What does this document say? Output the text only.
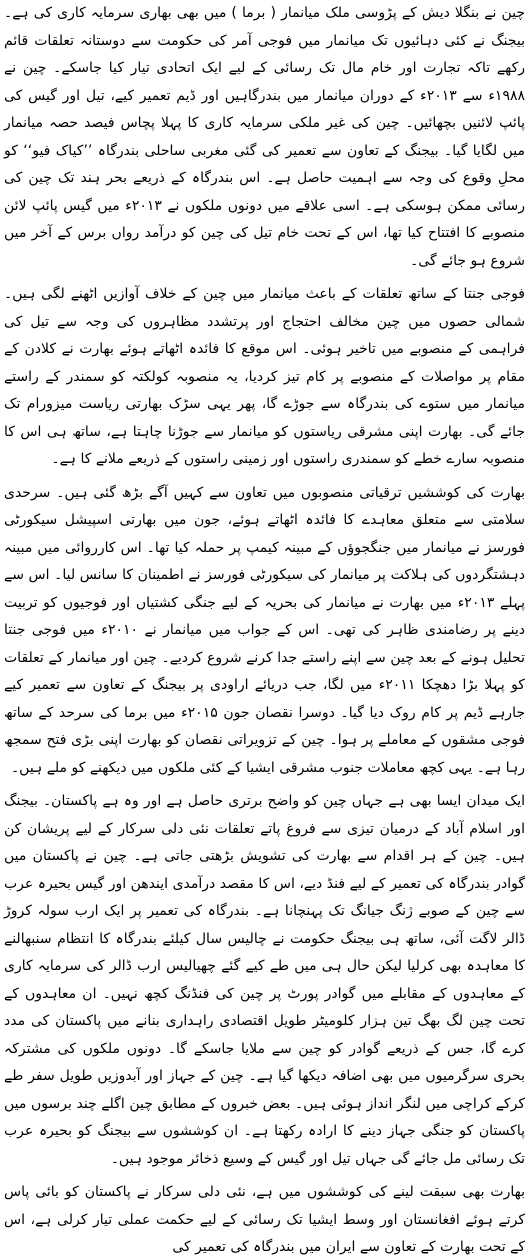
چین نے بنگلا دیش کے پڑوسی ملک میانمار ( برما ) میں بھی بھاری سرمایہ کاری کی ہے۔ بیجنگ نے کئی دہائیوں تک میانمار میں فوجی آمر کی حکومت سے دوستانہ تعلقات قائم رکھے تاکہ تجارت اور خام مال تک رسائی کے لیے ایک اتحادی تیار کیا جاسکے۔ چین نے ۱۹۸۸ء سے ۲۰۱۳ء کے دوران میانمار میں بندرگاہیں اور ڈیم تعمیر کیے، تیل اور گیس کی پائپ لائنیں بچھائیں۔ چین کی غیر ملکی سرمایہ کاری کا پہلا پچاس فیصد حصہ میانمار میں لگایا گیا۔ بیجنگ کے تعاون سے تعمیر کی گئی مغربی ساحلی بندرگاہ ’’کیاک فیو‘‘ کو محلِ وقوع کی وجہ سے اہمیت حاصل ہے۔ اس بندرگاہ کے ذریعے بحر ہند تک چین کی رسائی ممکن ہوسکی ہے۔ اسی علاقے میں دونوں ملکوں نے ۲۰۱۳ء میں گیس پائپ لائن منصوبے کا افتتاح کیا تھا، اس کے تحت خام تیل کی چین کو درآمد رواں برس کے آخر میں شروع ہو جائے گی۔

فوجی جنتا کے ساتھ تعلقات کے باعث میانمار میں چین کے خلاف آوازیں اٹھنے لگی ہیں۔ شمالی حصوں میں چین مخالف احتجاج اور پرتشدد مظاہروں کی وجہ سے تیل کی فراہمی کے منصوبے میں تاخیر ہوئی۔ اس موقع کا فائدہ اٹھاتے ہوئے بھارت نے کلادن کے مقام پر مواصلات کے منصوبے پر کام تیز کردیا، یہ منصوبہ کولکتہ کو سمندر کے راستے میانمار میں ستوے کی بندرگاہ سے جوڑے گا، پھر یہی سڑک بھارتی ریاست میزورام تک جائے گی۔ بھارت اپنی مشرقی ریاستوں کو میانمار سے جوڑنا چاہتا ہے، ساتھ ہی اس کا منصوبہ سارے خطے کو سمندری راستوں اور زمینی راستوں کے ذریعے ملانے کا ہے۔

بھارت کی کوششیں ترقیاتی منصوبوں میں تعاون سے کہیں آگے بڑھ گئی ہیں۔ سرحدی سلامتی سے متعلق معاہدے کا فائدہ اٹھاتے ہوئے، جون میں بھارتی اسپیشل سیکورٹی فورسز نے میانمار میں جنگجوؤں کے مبینہ کیمپ پر حملہ کیا تھا۔ اس کارروائی میں مبینہ دہشتگردوں کی ہلاکت پر میانمار کی سیکورٹی فورسز نے اطمینان کا سانس لیا۔ اس سے پہلے ۲۰۱۳ء میں بھارت نے میانمار کی بحریہ کے لیے جنگی کشتیاں اور فوجیوں کو تربیت دینے پر رضامندی ظاہر کی تھی۔ اس کے جواب میں میانمار نے ۲۰۱۰ء میں فوجی جنتا تحلیل ہونے کے بعد چین سے اپنے راستے جدا کرنے شروع کردیے۔ چین اور میانمار کے تعلقات کو پہلا بڑا دھچکا ۲۰۱۱ء میں لگا، جب دریائے اراودی پر بیجنگ کے تعاون سے تعمیر کیے جارہے ڈیم پر کام روک دیا گیا۔ دوسرا نقصان جون ۲۰۱۵ء میں برما کی سرحد کے ساتھ فوجی مشقوں کے معاملے پر ہوا۔ چین کے تزویراتی نقصان کو بھارت اپنی بڑی فتح سمجھ رہا ہے۔ یہی کچھ معاملات جنوب مشرقی ایشیا کے کئی ملکوں میں دیکھنے کو ملے ہیں۔

ایک میدان ایسا بھی ہے جہاں چین کو واضح برتری حاصل ہے اور وہ ہے پاکستان۔ بیجنگ اور اسلام آباد کے درمیان تیزی سے فروغ پاتے تعلقات نئی دلی سرکار کے لیے پریشان کن ہیں۔ چین کے ہر اقدام سے بھارت کی تشویش بڑھتی جاتی ہے۔ چین نے پاکستان میں گوادر بندرگاہ کی تعمیر کے لیے فنڈ دیے، اس کا مقصد درآمدی ایندھن اور گیس بحیرہ عرب سے چین کے صوبے ژنگ جیانگ تک پہنچانا ہے۔ بندرگاہ کی تعمیر پر ایک ارب سولہ کروڑ ڈالر لاگت آئی، ساتھ ہی بیجنگ حکومت نے چالیس سال کیلئے بندرگاہ کا انتظام سنبھالنے کا معاہدہ بھی کرلیا لیکن حال ہی میں طے کیے گئے چھیالیس ارب ڈالر کی سرمایہ کاری کے معاہدوں کے مقابلے میں گوادر پورٹ پر چین کی فنڈنگ کچھ نہیں۔ ان معاہدوں کے تحت چین لگ بھگ تین ہزار کلومیٹر طویل اقتصادی راہداری بنانے میں پاکستان کی مدد کرے گا، جس کے ذریعے گوادر کو چین سے ملایا جاسکے گا۔ دونوں ملکوں کی مشترکہ بحری سرگرمیوں میں بھی اضافہ دیکھا گیا ہے۔ چین کے جہاز اور آبدوزیں طویل سفر طے کرکے کراچی میں لنگر انداز ہوئی ہیں۔ بعض خبروں کے مطابق چین اگلے چند برسوں میں پاکستان کو جنگی جہاز دینے کا ارادہ رکھتا ہے۔ ان کوششوں سے بیجنگ کو بحیرہ عرب تک رسائی مل جائے گی جہاں تیل اور گیس کے وسیع ذخائر موجود ہیں۔

بھارت بھی سبقت لینے کی کوششوں میں ہے، نئی دلی سرکار نے پاکستان کو بائی پاس کرتے ہوئے افغانستان اور وسط ایشیا تک رسائی کے لیے حکمت عملی تیار کرلی ہے، اس کے تحت بھارت کے تعاون سے ایران میں بندرگاہ کی تعمیر کی
